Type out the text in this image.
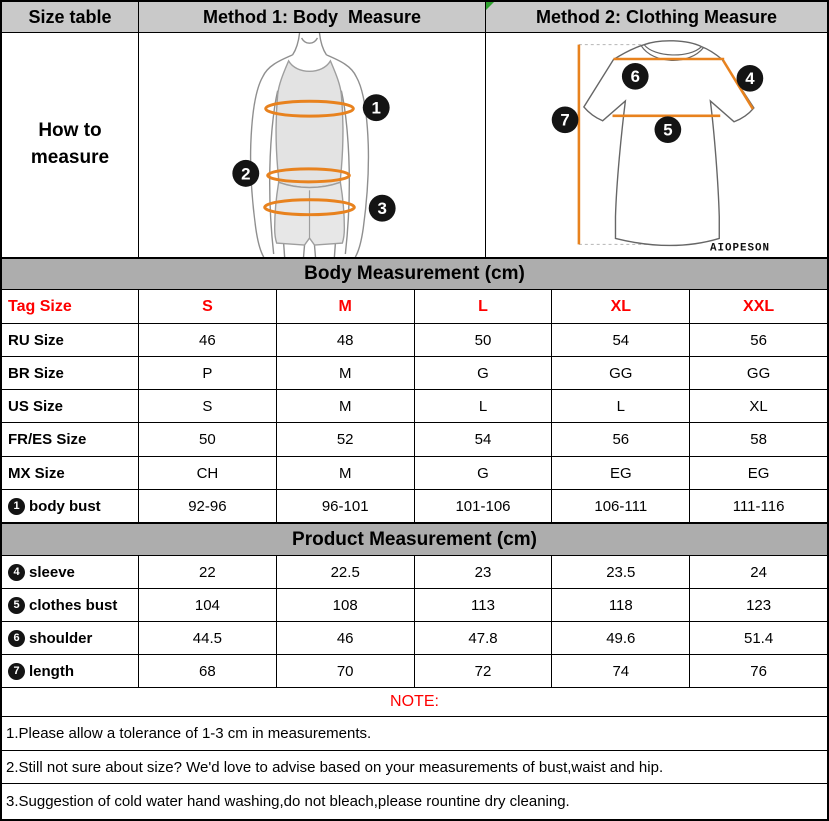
Size table	Method 1: Body  Measure	Method 2: Clothing Measure
How to measure
1
2
3
6	4
7
5
AIOPESON
Body Measurement (cm)
Tag Size	S	M	L	XL	XXL
RU Size	46	48	50	54	56
BR Size	P	M	G	GG	GG
US Size	S	M	L	L	XL
FR/ES Size	50	52	54	56	58
MX Size	CH	M	G	EG	EG
1 body bust	92-96	96-101	101-106	106-111	111-116
Product Measurement (cm)
4 sleeve	22	22.5	23	23.5	24
5 clothes bust	104	108	113	118	123
6 shoulder	44.5	46	47.8	49.6	51.4
7 length	68	70	72	74	76
NOTE:
1.Please allow a tolerance of 1-3 cm in measurements.
2.Still not sure about size? We'd love to advise based on your measurements of bust,waist and hip.
3.Suggestion of cold water hand washing,do not bleach,please rountine dry cleaning.
